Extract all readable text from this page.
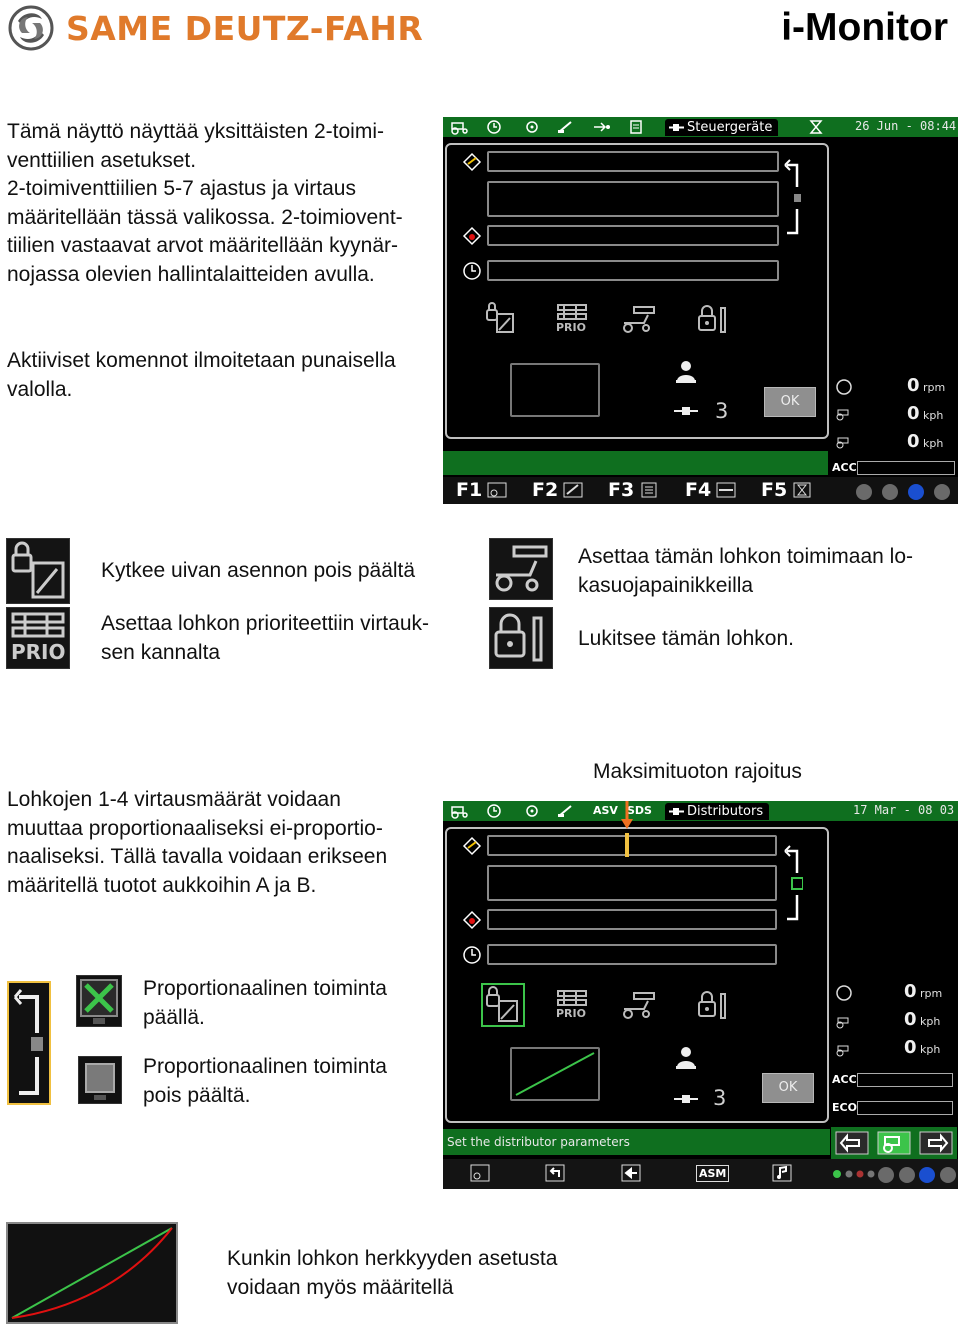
SAME DEUTZ-FAHR	i-Monitor
Tämä näyttö näyttää yksittäisten 2-toimi-
venttiilien asetukset.
2-toimiventtiilien 5-7 ajastus ja virtaus
määritellään tässä valikossa. 2-toimiovent-
tiilien vastaavat arvot määritellään kyynär-
nojassa olevien hallintalaitteiden avulla.
Aktiiviset komennot ilmoitetaan punaisella
valolla.
Steuergeräte	26 Jun - 08:44
PRIO
3	OK
0 rpm
0 kph
0 kph
ACC
F1	F2	F3	F4	F5
PRIO
Kytkee uivan asennon pois päältä
Asettaa lohkon prioriteettiin virtauk-
sen kannalta
Asettaa tämän lohkon toimimaan lo-
kasuojapainikkeilla
Lukitsee tämän lohkon.
Maksimituoton rajoitus
Lohkojen 1-4 virtausmäärät voidaan
muuttaa proportionaaliseksi ei-proportio-
naaliseksi. Tällä tavalla voidaan erikseen
määritellä tuotot aukkoihin A ja B.
ASV SDS	Distributors	17 Mar - 08 03
PRIO
3	OK
0 rpm
0 kph
0 kph
ACC
ECO
Set the distributor parameters
ASM
Proportionaalinen toiminta
päällä.
Proportionaalinen toiminta
pois päältä.
Kunkin lohkon herkkyyden asetusta
voidaan myös määritellä
